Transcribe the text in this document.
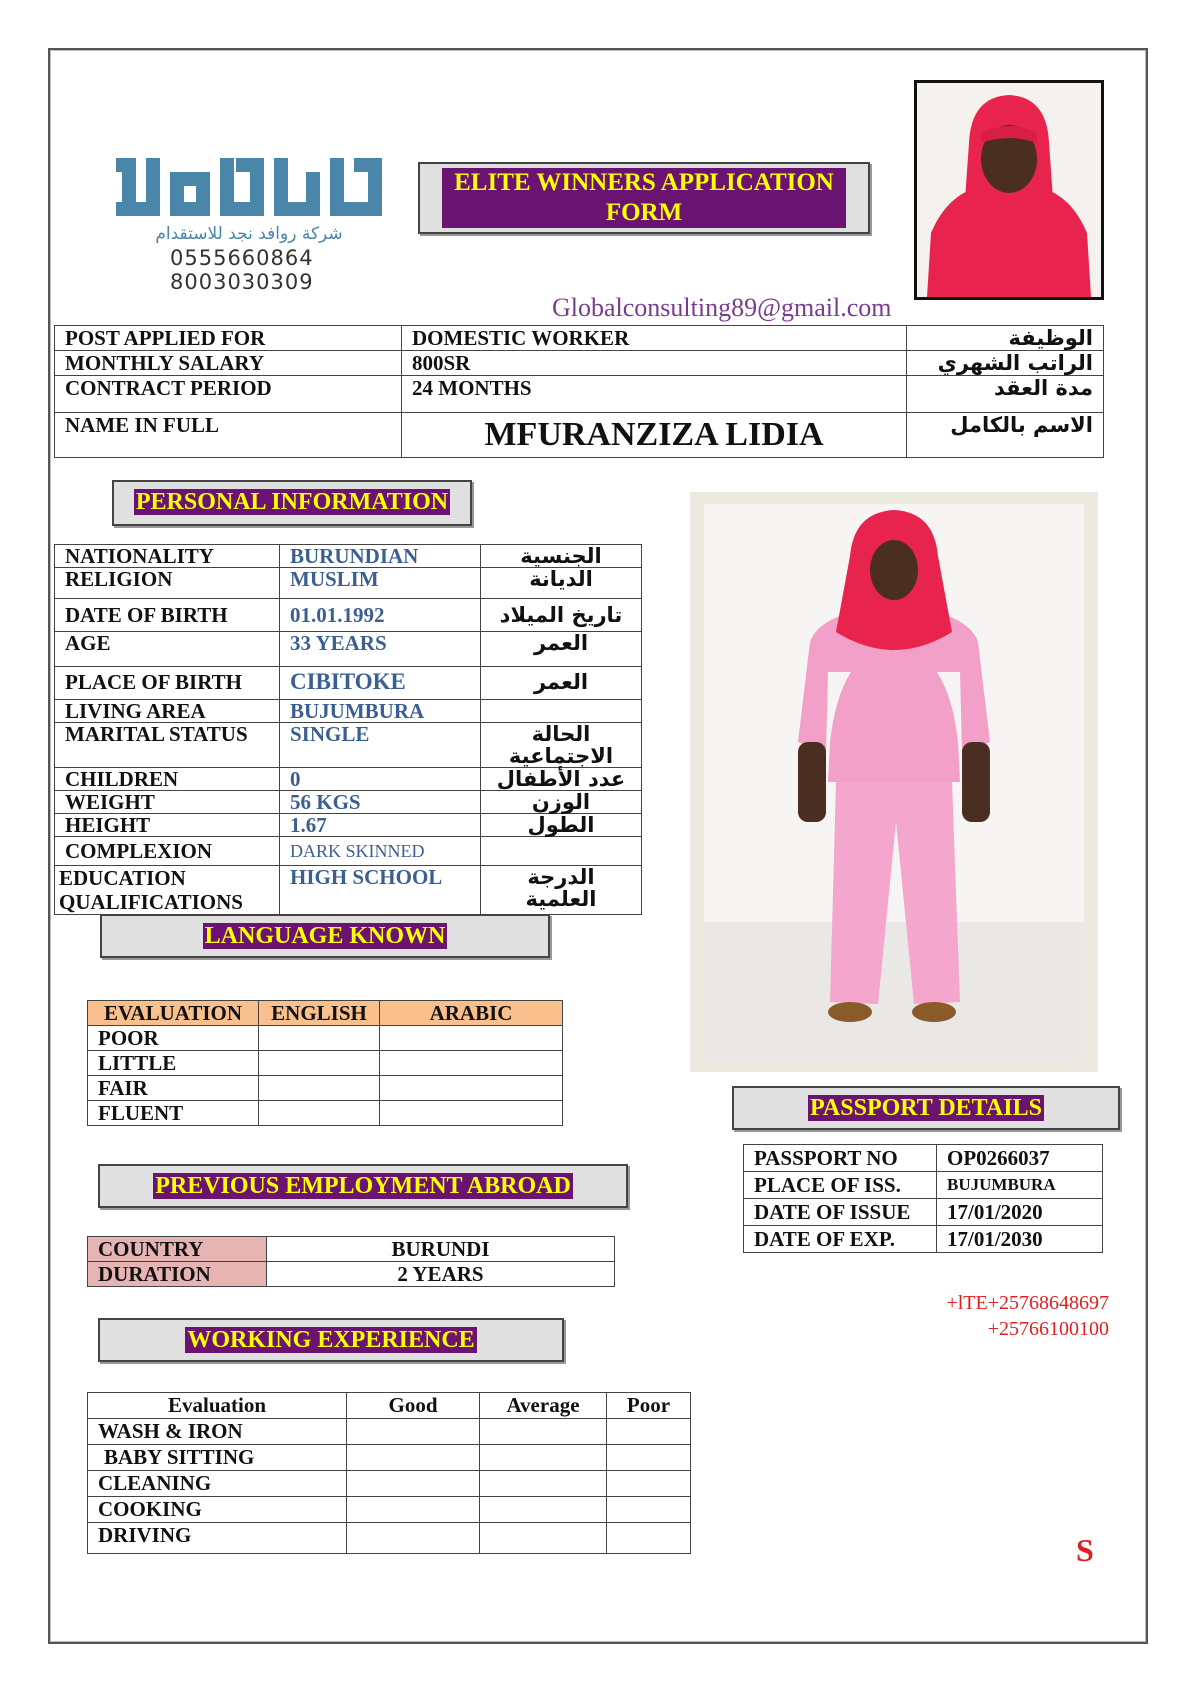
شركة روافد نجد للاستقدام
0555660864
8003030309
ELITE WINNERS APPLICATION FORM
Globalconsulting89@gmail.com
POST APPLIED FOR	DOMESTIC WORKER	الوظيفة
MONTHLY SALARY	800SR	الراتب الشهري
CONTRACT PERIOD	24 MONTHS	مدة العقد
NAME IN FULL	MFURANZIZA LIDIA	الاسم بالكامل
PERSONAL INFORMATION
NATIONALITY	BURUNDIAN	الجنسية
RELIGION	MUSLIM	الديانة
DATE OF BIRTH	01.01.1992	تاريخ الميلاد
AGE	33 YEARS	العمر
PLACE OF BIRTH	CIBITOKE	العمر
LIVING AREA	BUJUMBURA	
MARITAL STATUS	SINGLE	الحالة الاجتماعية
CHILDREN	0	عدد الأطفال
WEIGHT	56 KGS	الوزن
HEIGHT	1.67	الطول
COMPLEXION	DARK SKINNED	
EDUCATION QUALIFICATIONS	HIGH SCHOOL	الدرجة العلمية
LANGUAGE KNOWN
EVALUATION	ENGLISH	ARABIC
POOR		
LITTLE		
FAIR		
FLUENT		
PREVIOUS EMPLOYMENT ABROAD
COUNTRY	BURUNDI
DURATION	2 YEARS
WORKING EXPERIENCE
Evaluation	Good	Average	Poor
WASH & IRON			
BABY SITTING			
CLEANING			
COOKING			
DRIVING			
PASSPORT DETAILS
PASSPORT NO	OP0266037
PLACE OF ISS.	BUJUMBURA
DATE OF ISSUE	17/01/2020
DATE OF EXP.	17/01/2030
+lTE+25768648697
+25766100100
S
